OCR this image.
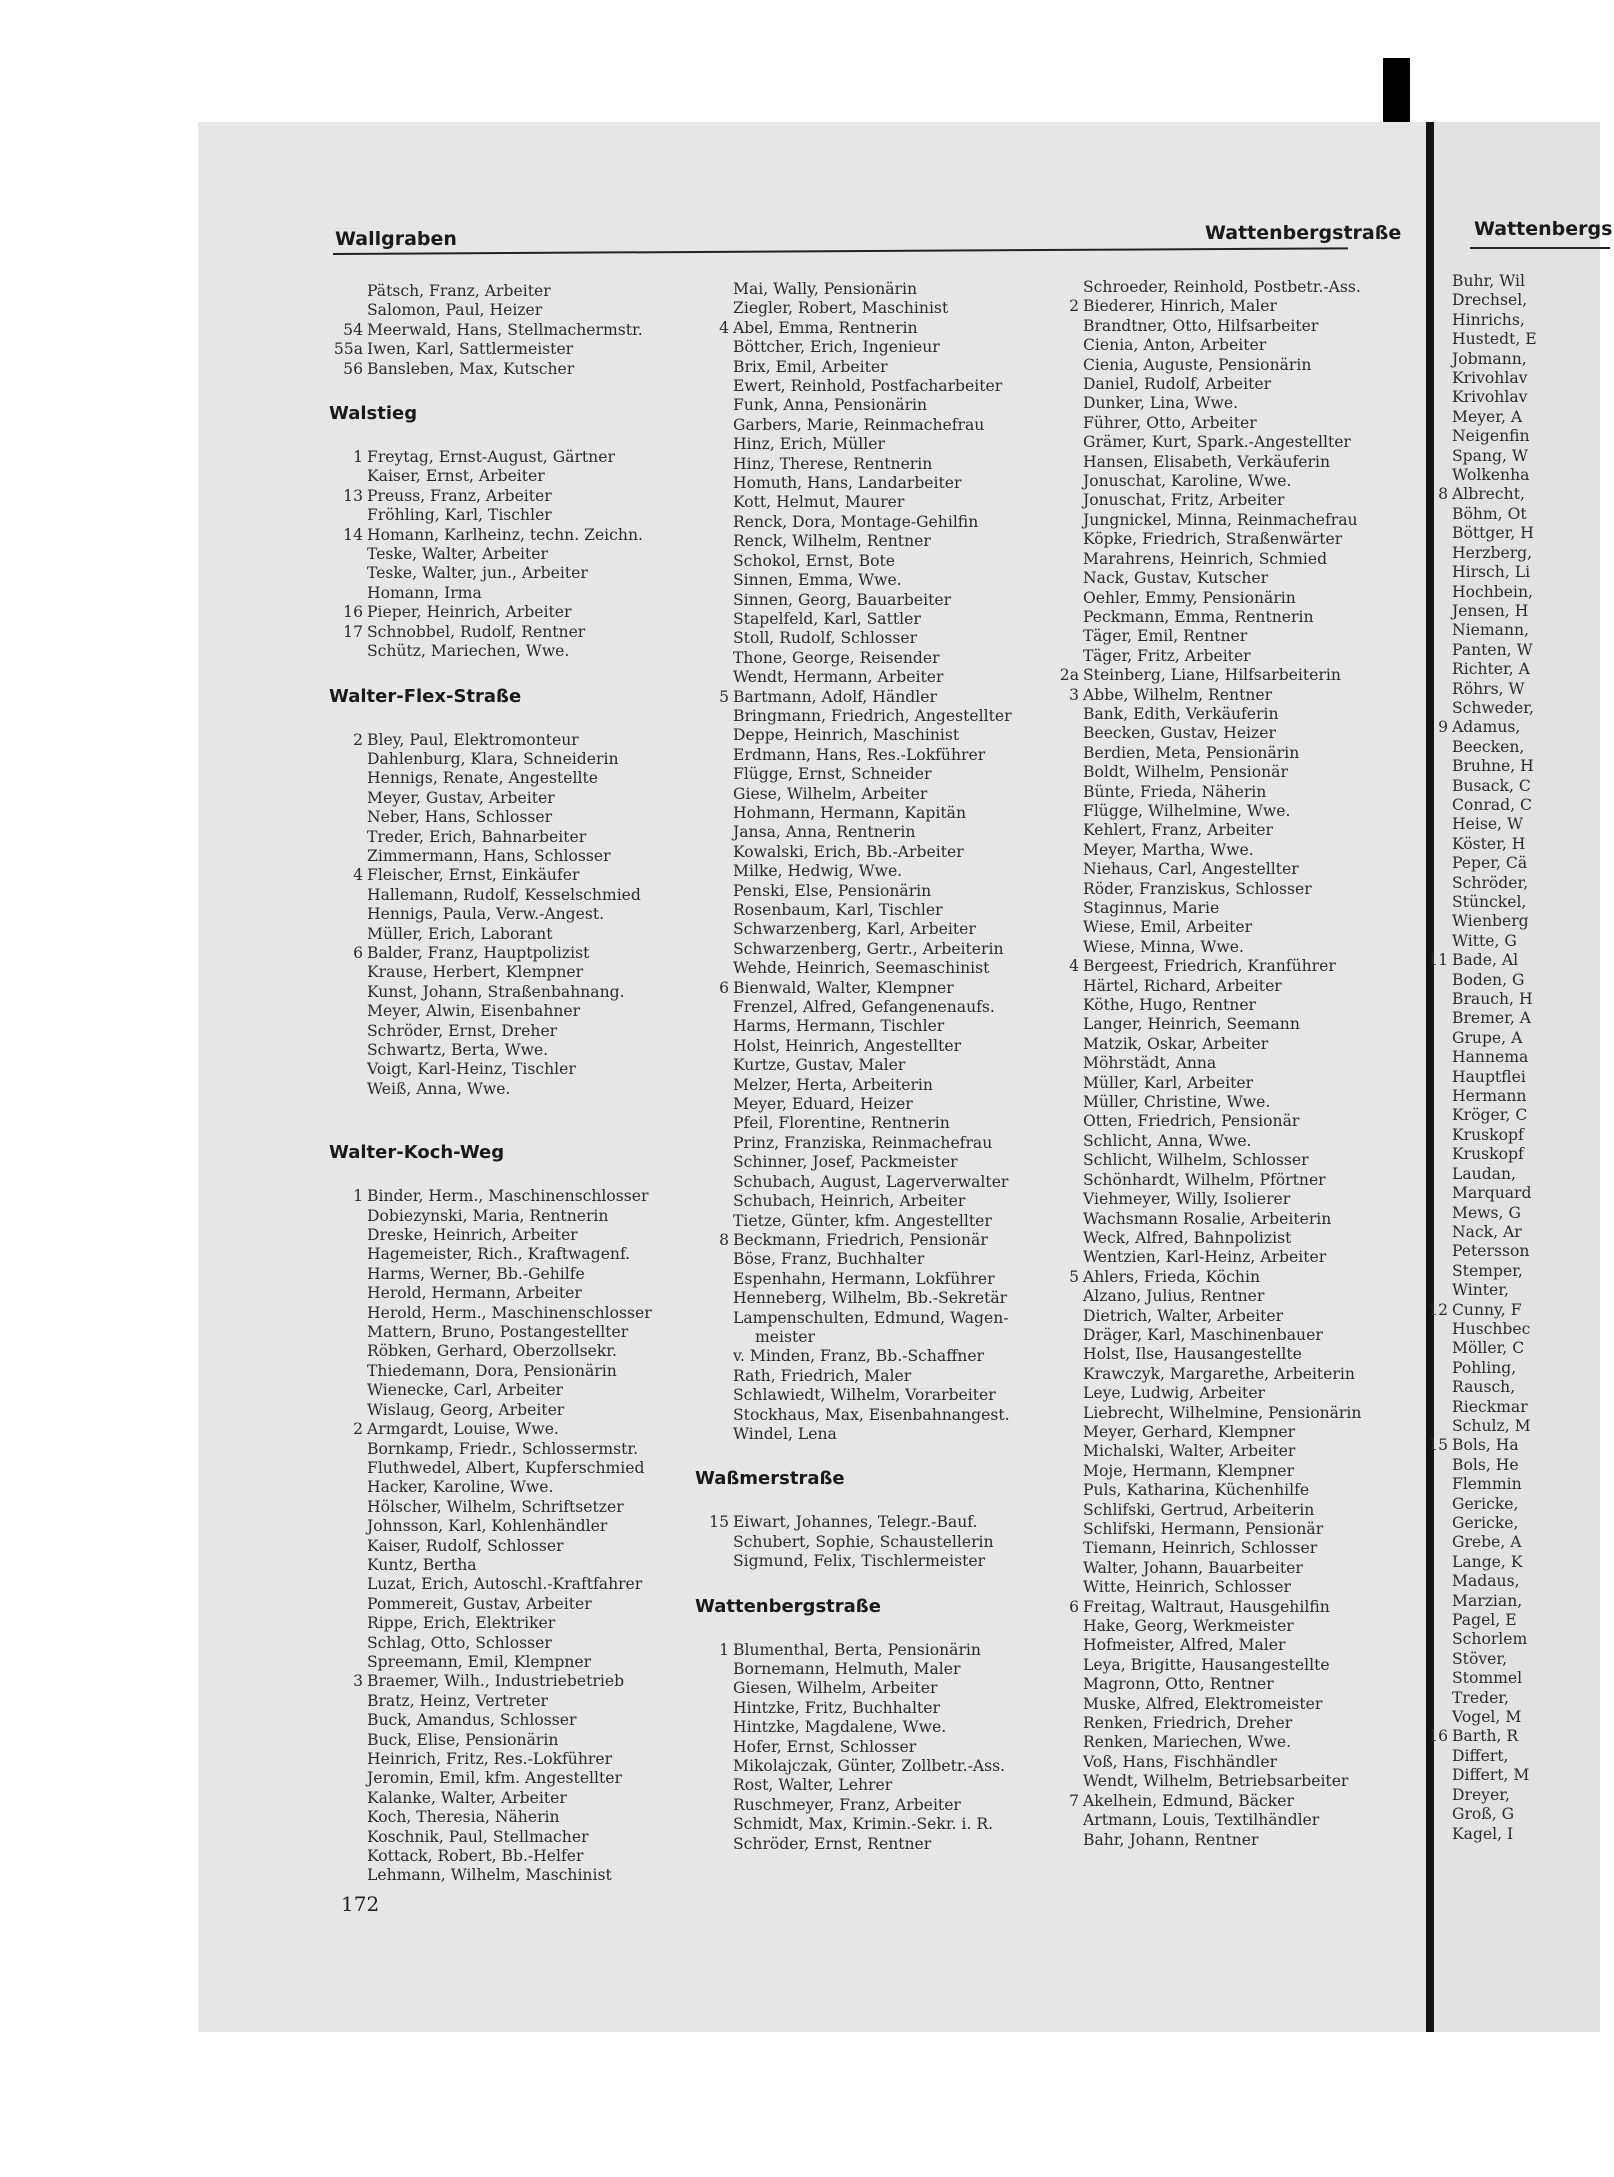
Wallgraben	Wattenbergstraße
Pätsch, Franz, Arbeiter
Salomon, Paul, Heizer
54 Meerwald, Hans, Stellmachermstr.
55a Iwen, Karl, Sattlermeister
56 Bansleben, Max, Kutscher
Walstieg
1 Freytag, Ernst-August, Gärtner
Kaiser, Ernst, Arbeiter
13 Preuss, Franz, Arbeiter
Fröhling, Karl, Tischler
14 Homann, Karlheinz, techn. Zeichn.
Teske, Walter, Arbeiter
Teske, Walter, jun., Arbeiter
Homann, Irma
16 Pieper, Heinrich, Arbeiter
17 Schnobbel, Rudolf, Rentner
Schütz, Mariechen, Wwe.
Walter-Flex-Straße
2 Bley, Paul, Elektromonteur
Dahlenburg, Klara, Schneiderin
Hennigs, Renate, Angestellte
Meyer, Gustav, Arbeiter
Neber, Hans, Schlosser
Treder, Erich, Bahnarbeiter
Zimmermann, Hans, Schlosser
4 Fleischer, Ernst, Einkäufer
Hallemann, Rudolf, Kesselschmied
Hennigs, Paula, Verw.-Angest.
Müller, Erich, Laborant
6 Balder, Franz, Hauptpolizist
Krause, Herbert, Klempner
Kunst, Johann, Straßenbahnang.
Meyer, Alwin, Eisenbahner
Schröder, Ernst, Dreher
Schwartz, Berta, Wwe.
Voigt, Karl-Heinz, Tischler
Weiß, Anna, Wwe.
Walter-Koch-Weg
1 Binder, Herm., Maschinenschlosser
Dobiezynski, Maria, Rentnerin
Dreske, Heinrich, Arbeiter
Hagemeister, Rich., Kraftwagenf.
Harms, Werner, Bb.-Gehilfe
Herold, Hermann, Arbeiter
Herold, Herm., Maschinenschlosser
Mattern, Bruno, Postangestellter
Röbken, Gerhard, Oberzollsekr.
Thiedemann, Dora, Pensionärin
Wienecke, Carl, Arbeiter
Wislaug, Georg, Arbeiter
2 Armgardt, Louise, Wwe.
Bornkamp, Friedr., Schlossermstr.
Fluthwedel, Albert, Kupferschmied
Hacker, Karoline, Wwe.
Hölscher, Wilhelm, Schriftsetzer
Johnsson, Karl, Kohlenhändler
Kaiser, Rudolf, Schlosser
Kuntz, Bertha
Luzat, Erich, Autoschl.-Kraftfahrer
Pommereit, Gustav, Arbeiter
Rippe, Erich, Elektriker
Schlag, Otto, Schlosser
Spreemann, Emil, Klempner
3 Braemer, Wilh., Industriebetrieb
Bratz, Heinz, Vertreter
Buck, Amandus, Schlosser
Buck, Elise, Pensionärin
Heinrich, Fritz, Res.-Lokführer
Jeromin, Emil, kfm. Angestellter
Kalanke, Walter, Arbeiter
Koch, Theresia, Näherin
Koschnik, Paul, Stellmacher
Kottack, Robert, Bb.-Helfer
Lehmann, Wilhelm, Maschinist
Mai, Wally, Pensionärin
Ziegler, Robert, Maschinist
4 Abel, Emma, Rentnerin
Böttcher, Erich, Ingenieur
Brix, Emil, Arbeiter
Ewert, Reinhold, Postfacharbeiter
Funk, Anna, Pensionärin
Garbers, Marie, Reinmachefrau
Hinz, Erich, Müller
Hinz, Therese, Rentnerin
Homuth, Hans, Landarbeiter
Kott, Helmut, Maurer
Renck, Dora, Montage-Gehilfin
Renck, Wilhelm, Rentner
Schokol, Ernst, Bote
Sinnen, Emma, Wwe.
Sinnen, Georg, Bauarbeiter
Stapelfeld, Karl, Sattler
Stoll, Rudolf, Schlosser
Thone, George, Reisender
Wendt, Hermann, Arbeiter
5 Bartmann, Adolf, Händler
Bringmann, Friedrich, Angestellter
Deppe, Heinrich, Maschinist
Erdmann, Hans, Res.-Lokführer
Flügge, Ernst, Schneider
Giese, Wilhelm, Arbeiter
Hohmann, Hermann, Kapitän
Jansa, Anna, Rentnerin
Kowalski, Erich, Bb.-Arbeiter
Milke, Hedwig, Wwe.
Penski, Else, Pensionärin
Rosenbaum, Karl, Tischler
Schwarzenberg, Karl, Arbeiter
Schwarzenberg, Gertr., Arbeiterin
Wehde, Heinrich, Seemaschinist
6 Bienwald, Walter, Klempner
Frenzel, Alfred, Gefangenenaufs.
Harms, Hermann, Tischler
Holst, Heinrich, Angestellter
Kurtze, Gustav, Maler
Melzer, Herta, Arbeiterin
Meyer, Eduard, Heizer
Pfeil, Florentine, Rentnerin
Prinz, Franziska, Reinmachefrau
Schinner, Josef, Packmeister
Schubach, August, Lagerverwalter
Schubach, Heinrich, Arbeiter
Tietze, Günter, kfm. Angestellter
8 Beckmann, Friedrich, Pensionär
Böse, Franz, Buchhalter
Espenhahn, Hermann, Lokführer
Henneberg, Wilhelm, Bb.-Sekretär
Lampenschulten, Edmund, Wagen-
meister
v. Minden, Franz, Bb.-Schaffner
Rath, Friedrich, Maler
Schlawiedt, Wilhelm, Vorarbeiter
Stockhaus, Max, Eisenbahnangest.
Windel, Lena
Waßmerstraße
15 Eiwart, Johannes, Telegr.-Bauf.
Schubert, Sophie, Schaustellerin
Sigmund, Felix, Tischlermeister
Wattenbergstraße
1 Blumenthal, Berta, Pensionärin
Bornemann, Helmuth, Maler
Giesen, Wilhelm, Arbeiter
Hintzke, Fritz, Buchhalter
Hintzke, Magdalene, Wwe.
Hofer, Ernst, Schlosser
Mikolajczak, Günter, Zollbetr.-Ass.
Rost, Walter, Lehrer
Ruschmeyer, Franz, Arbeiter
Schmidt, Max, Krimin.-Sekr. i. R.
Schröder, Ernst, Rentner
Schroeder, Reinhold, Postbetr.-Ass.
2 Biederer, Hinrich, Maler
Brandtner, Otto, Hilfsarbeiter
Cienia, Anton, Arbeiter
Cienia, Auguste, Pensionärin
Daniel, Rudolf, Arbeiter
Dunker, Lina, Wwe.
Führer, Otto, Arbeiter
Grämer, Kurt, Spark.-Angestellter
Hansen, Elisabeth, Verkäuferin
Jonuschat, Karoline, Wwe.
Jonuschat, Fritz, Arbeiter
Jungnickel, Minna, Reinmachefrau
Köpke, Friedrich, Straßenwärter
Marahrens, Heinrich, Schmied
Nack, Gustav, Kutscher
Oehler, Emmy, Pensionärin
Peckmann, Emma, Rentnerin
Täger, Emil, Rentner
Täger, Fritz, Arbeiter
2a Steinberg, Liane, Hilfsarbeiterin
3 Abbe, Wilhelm, Rentner
Bank, Edith, Verkäuferin
Beecken, Gustav, Heizer
Berdien, Meta, Pensionärin
Boldt, Wilhelm, Pensionär
Bünte, Frieda, Näherin
Flügge, Wilhelmine, Wwe.
Kehlert, Franz, Arbeiter
Meyer, Martha, Wwe.
Niehaus, Carl, Angestellter
Röder, Franziskus, Schlosser
Staginnus, Marie
Wiese, Emil, Arbeiter
Wiese, Minna, Wwe.
4 Bergeest, Friedrich, Kranführer
Härtel, Richard, Arbeiter
Köthe, Hugo, Rentner
Langer, Heinrich, Seemann
Matzik, Oskar, Arbeiter
Möhrstädt, Anna
Müller, Karl, Arbeiter
Müller, Christine, Wwe.
Otten, Friedrich, Pensionär
Schlicht, Anna, Wwe.
Schlicht, Wilhelm, Schlosser
Schönhardt, Wilhelm, Pförtner
Viehmeyer, Willy, Isolierer
Wachsmann Rosalie, Arbeiterin
Weck, Alfred, Bahnpolizist
Wentzien, Karl-Heinz, Arbeiter
5 Ahlers, Frieda, Köchin
Alzano, Julius, Rentner
Dietrich, Walter, Arbeiter
Dräger, Karl, Maschinenbauer
Holst, Ilse, Hausangestellte
Krawczyk, Margarethe, Arbeiterin
Leye, Ludwig, Arbeiter
Liebrecht, Wilhelmine, Pensionärin
Meyer, Gerhard, Klempner
Michalski, Walter, Arbeiter
Moje, Hermann, Klempner
Puls, Katharina, Küchenhilfe
Schlifski, Gertrud, Arbeiterin
Schlifski, Hermann, Pensionär
Tiemann, Heinrich, Schlosser
Walter, Johann, Bauarbeiter
Witte, Heinrich, Schlosser
6 Freitag, Waltraut, Hausgehilfin
Hake, Georg, Werkmeister
Hofmeister, Alfred, Maler
Leya, Brigitte, Hausangestellte
Magronn, Otto, Rentner
Muske, Alfred, Elektromeister
Renken, Friedrich, Dreher
Renken, Mariechen, Wwe.
Voß, Hans, Fischhändler
Wendt, Wilhelm, Betriebsarbeiter
7 Akelhein, Edmund, Bäcker
Artmann, Louis, Textilhändler
Bahr, Johann, Rentner
172
Wattenbergs
Buhr, Wil
Drechsel,
Hinrichs,
Hustedt, E
Jobmann,
Krivohlav
Krivohlav
Meyer, A
Neigenfin
Spang, W
Wolkenha
8 Albrecht,
Böhm, Ot
Böttger, H
Herzberg,
Hirsch, Li
Hochbein,
Jensen, H
Niemann,
Panten, W
Richter, A
Röhrs, W
Schweder,
9 Adamus,
Beecken,
Bruhne, H
Busack, C
Conrad, C
Heise, W
Köster, H
Peper, Cä
Schröder,
Stünckel,
Wienberg
Witte, G
11 Bade, Al
Boden, G
Brauch, H
Bremer, A
Grupe, A
Hannema
Hauptflei
Hermann
Kröger, C
Kruskopf
Kruskopf
Laudan,
Marquard
Mews, G
Nack, Ar
Petersson
Stemper,
Winter,
12 Cunny, F
Huschbec
Möller, C
Pohling,
Rausch,
Rieckmar
Schulz, M
15 Bols, Ha
Bols, He
Flemmin
Gericke,
Gericke,
Grebe, A
Lange, K
Madaus,
Marzian,
Pagel, E
Schorlem
Stöver,
Stommel
Treder,
Vogel, M
16 Barth, R
Differt,
Differt, M
Dreyer,
Groß, G
Kagel, I
